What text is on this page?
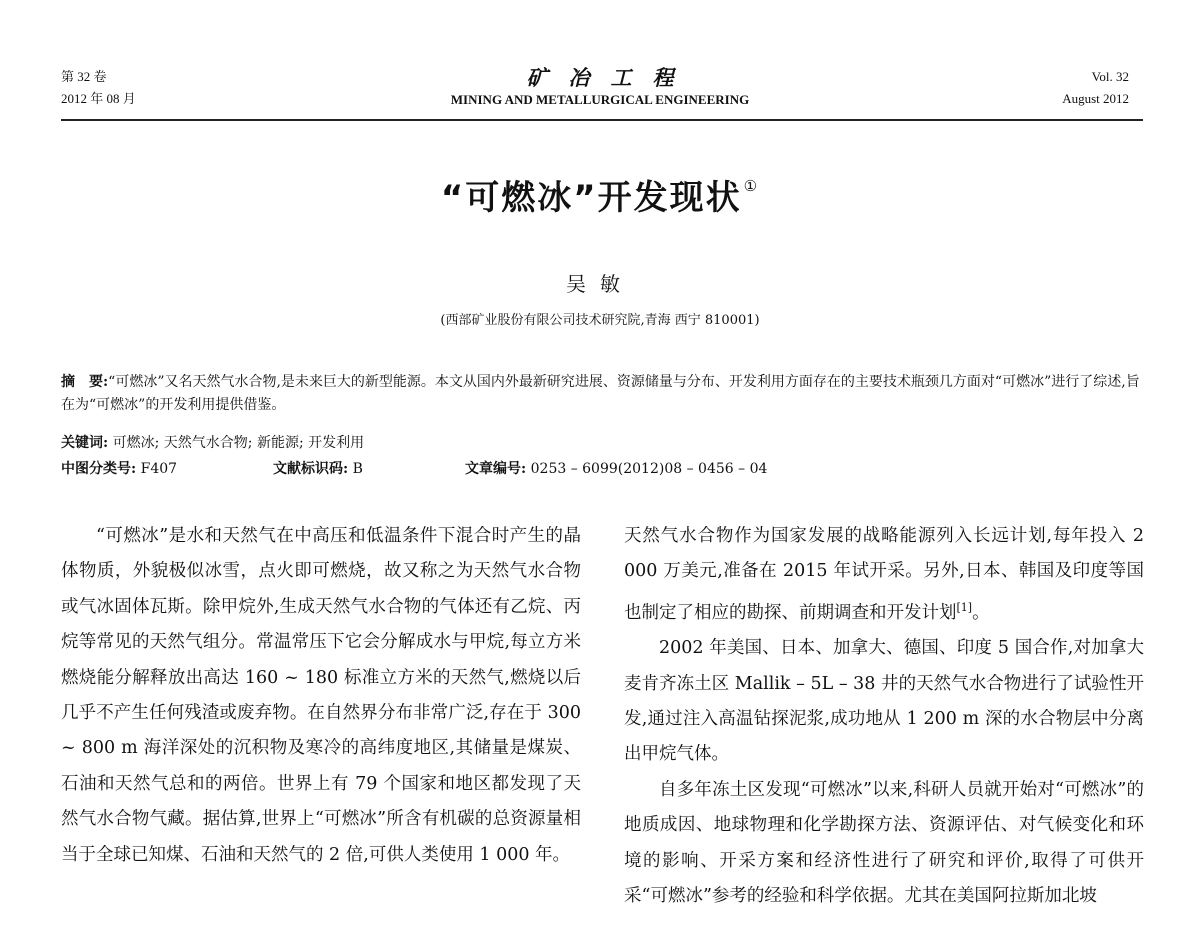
第 32 卷
2012 年 08 月
矿　冶　工　程
MINING AND METALLURGICAL ENGINEERING
Vol. 32
August 2012
“可燃冰”开发现状 ①
吴敏
(西部矿业股份有限公司技术研究院,青海 西宁 810001)
摘　要:“可燃冰”又名天然气水合物,是未来巨大的新型能源。本文从国内外最新研究进展、资源储量与分布、开发利用方面存在的主要技术瓶颈几方面对“可燃冰”进行了综述,旨在为“可燃冰”的开发利用提供借鉴。
关键词: 可燃冰; 天然气水合物; 新能源; 开发利用
中图分类号: F407	文献标识码: B	文章编号: 0253 – 6099(2012)08 – 0456 – 04

“可燃冰”是水和天然气在中高压和低温条件下混合时产生的晶体物质，外貌极似冰雪，点火即可燃烧，故又称之为天然气水合物或气冰固体瓦斯。除甲烷外,生成天然气水合物的气体还有乙烷、丙烷等常见的天然气组分。常温常压下它会分解成水与甲烷,每立方米燃烧能分解释放出高达 160 ~ 180 标准立方米的天然气,燃烧以后几乎不产生任何残渣或废弃物。在自然界分布非常广泛,存在于 300 ~ 800 m 海洋深处的沉积物及寒冷的高纬度地区,其储量是煤炭、石油和天然气总和的两倍。世界上有 79 个国家和地区都发现了天然气水合物气藏。据估算,世界上“可燃冰”所含有机碳的总资源量相当于全球已知煤、石油和天然气的 2 倍,可供人类使用 1 000 年。

天然气水合物作为国家发展的战略能源列入长远计划,每年投入 2 000 万美元,准备在 2015 年试开采。另外,日本、韩国及印度等国也制定了相应的勘探、前期调查和开发计划[1]。

2002 年美国、日本、加拿大、德国、印度 5 国合作,对加拿大麦肯齐冻土区 Mallik – 5L – 38 井的天然气水合物进行了试验性开发,通过注入高温钻探泥浆,成功地从 1 200 m 深的水合物层中分离出甲烷气体。

自多年冻土区发现“可燃冰”以来,科研人员就开始对“可燃冰”的地质成因、地球物理和化学勘探方法、资源评估、对气候变化和环境的影响、开采方案和经济性进行了研究和评价,取得了可供开采“可燃冰”参考的经验和科学依据。尤其在美国阿拉斯加北坡
